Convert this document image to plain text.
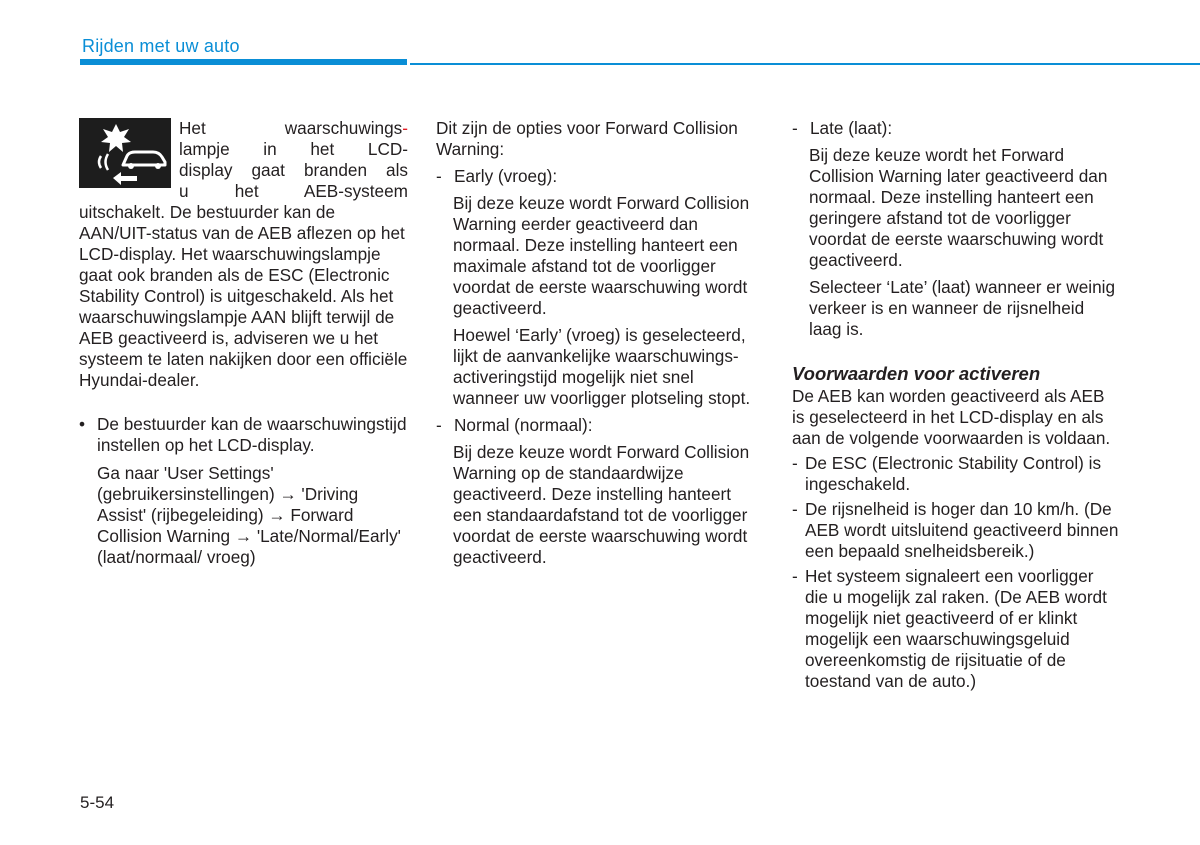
Rijden met uw auto
Het waarschuwings-
lampje in het LCD-
display gaat branden als
u het AEB-systeem

uitschakelt. De bestuurder kan de AAN/UIT-status van de AEB aflezen op het LCD-display. Het waarschuwingslampje gaat ook branden als de ESC (Electronic Stability Control) is uitgeschakeld. Als het waarschuwingslampje AAN blijft terwijl de AEB geactiveerd is, adviseren we u het systeem te laten nakijken door een officiële Hyundai-dealer.

• De bestuurder kan de waarschuwingstijd instellen op het LCD-display.

Ga naar 'User Settings' (gebruikersinstellingen) → 'Driving Assist' (rijbegeleiding) → Forward Collision Warning → 'Late/Normal/Early' (laat/normaal/ vroeg)

Dit zijn de opties voor Forward Collision Warning:

- Early (vroeg):

Bij deze keuze wordt Forward Collision Warning eerder geactiveerd dan normaal. Deze instelling hanteert een maximale afstand tot de voorligger voordat de eerste waarschuwing wordt geactiveerd.

Hoewel ‘Early’ (vroeg) is geselecteerd, lijkt de aanvankelijke waarschuwings-activeringstijd mogelijk niet snel wanneer uw voorligger plotseling stopt.

- Normal (normaal):

Bij deze keuze wordt Forward Collision Warning op de standaardwijze geactiveerd. Deze instelling hanteert een standaardafstand tot de voorligger voordat de eerste waarschuwing wordt geactiveerd.

- Late (laat):

Bij deze keuze wordt het Forward Collision Warning later geactiveerd dan normaal. Deze instelling hanteert een geringere afstand tot de voorligger voordat de eerste waarschuwing wordt geactiveerd.

Selecteer ‘Late’ (laat) wanneer er weinig verkeer is en wanneer de rijsnelheid laag is.

Voorwaarden voor activeren

De AEB kan worden geactiveerd als AEB is geselecteerd in het LCD-display en als aan de volgende voorwaarden is voldaan.

- De ESC (Electronic Stability Control) is ingeschakeld.

- De rijsnelheid is hoger dan 10 km/h. (De AEB wordt uitsluitend geactiveerd binnen een bepaald snelheidsbereik.)

- Het systeem signaleert een voorligger die u mogelijk zal raken. (De AEB wordt mogelijk niet geactiveerd of er klinkt mogelijk een waarschuwingsgeluid overeenkomstig de rijsituatie of de toestand van de auto.)

5-54
